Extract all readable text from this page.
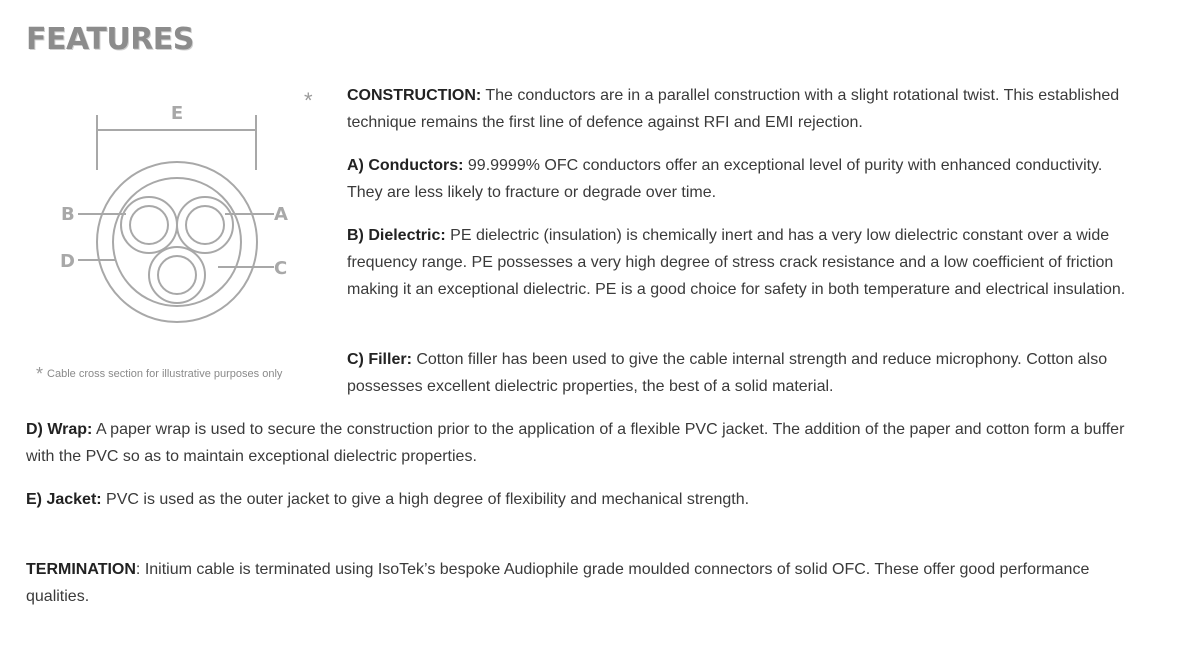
FEATURES
E
B	A
D	C
* Cable cross section for illustrative purposes only
* CONSTRUCTION: The conductors are in a parallel construction with a slight rotational twist. This established technique remains the first line of defence against RFI and EMI rejection.

A) Conductors: 99.9999% OFC conductors offer an exceptional level of purity with enhanced conductivity. They are less likely to fracture or degrade over time.

B) Dielectric: PE dielectric (insulation) is chemically inert and has a very low dielectric constant over a wide frequency range. PE possesses a very high degree of stress crack resistance and a low coefficient of friction making it an exceptional dielectric. PE is a good choice for safety in both temperature and electrical insulation.

C) Filler: Cotton filler has been used to give the cable internal strength and reduce microphony. Cotton also possesses excellent dielectric properties, the best of a solid material.

D) Wrap: A paper wrap is used to secure the construction prior to the application of a flexible PVC jacket. The addition of the paper and cotton form a buffer with the PVC so as to maintain exceptional dielectric properties.

E) Jacket: PVC is used as the outer jacket to give a high degree of flexibility and mechanical strength.

TERMINATION: Initium cable is terminated using IsoTek’s bespoke Audiophile grade moulded connectors of solid OFC. These offer good performance qualities.
